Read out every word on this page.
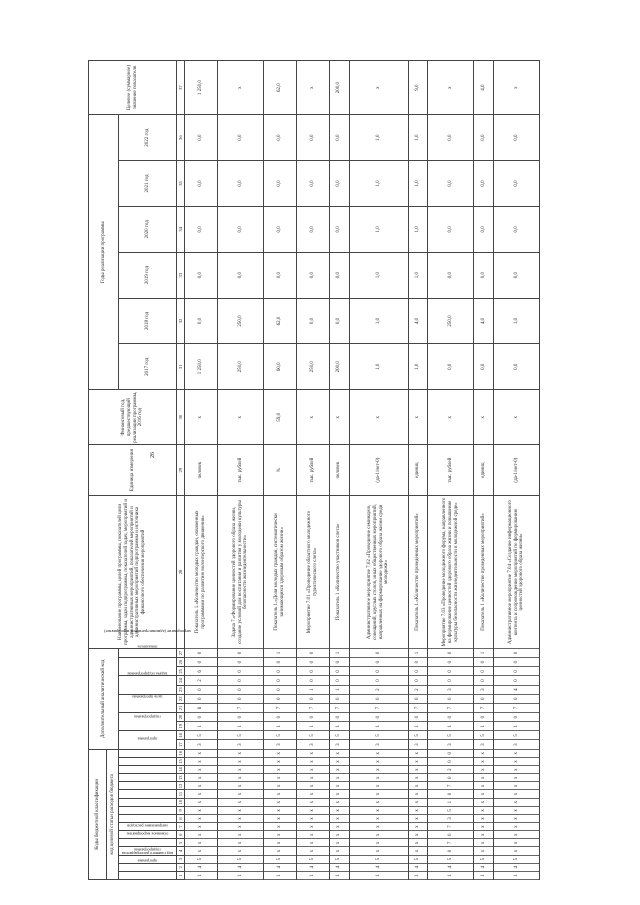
26
Коды бюджетной классификации																Дополнительный аналитический код											Наименование программы, целей программы, показателей цели программы, задач подпрограммы, показателей задач, мероприятий и административных мероприятий, показателей мероприятий и административных мероприятий подпрограммы и источника финансового обеспечения мероприятий	Единица измерения	Финансовый год, предшествующий реализации программы, 2016 год	Годы реализации программы						Целевое (суммарное) значение показателя
код целевой статьи расходов бюджета																																				
код главного распорядителя	программа	подпрограмма	основное мероприятие	направление расходов												программа		подпрограмма		цель программы		задача подпрограммы		мероприятие (административное мероприятие)		показатель				2017 год	2018 год	2019 год	2020 год	2021 год	2022 год	
1	2	3	4	5	6	7	8	9	10	11	12	13	14	15	16	17	18	19	20	21	22	23	24	25	26	27	28	29	30	31	32	33	34	35	36	37
1	4	5	x	x	x	x	x	x	x	x	x	x	x	x	x	3	5	1	0	6	0	0	2	6	0	0	Показатель 1.«Количество молодых граждан, охваченных программами по развитию волонтерского движения»	человек	x	1 250,0	0,0	0,0	0,0	0,0	0,0	1 250,0
1	4	5	x	x	x	x	x	x	x	x	x	x	x	x	x	3	5	1	0	7	0	0	0	0	0	0	Задача 7.«Формирование ценностей здорового образа жизни, создание условий для воспитания и развития у молодежи культуры безопасности жизнедеятельности»	тыс. рублей	x	250,0	250,0	0,0	0,0	0,0	0,0	x
1	4	5	x	x	x	x	x	x	x	x	x	x	x	x	x	3	5	1	0	7	0	0	0	0	0	1	Показатель 1.«Доля молодых граждан, систематически занимающихся здоровым образом жизни»	%	59,0	60,0	62,0	0,0	0,0	0,0	0,0	62,0
1	4	5	x	x	x	x	x	x	x	x	x	x	x	x	x	3	5	1	0	7	0	1	0	0	0	0	Мероприятие 7.01 «Проведение областного молодежного туристического слета»	тыс. рублей	x	250,0	0,0	0,0	0,0	0,0	0,0	x
1	4	5	x	x	x	x	x	x	x	x	x	x	x	x	x	3	5	1	0	7	0	1	0	0	0	1	Показатель 1 «Количество участников слета»	человек	x	200,0	0,0	0,0	0,0	0,0	0,0	200,0
1	4	5	x	x	x	x	x	x	x	x	x	x	x	x	x	3	5	1	0	7	0	2	0	0	0	0	Административное мероприятие 7.02 «Проведение семинаров, совещаний, круглых столов, иных общественных мероприятий, направленных на формирование здорового образа жизни среди молодежи»	(да-1/нет-0)	x	1,0	1,0	1,0	1,0	1,0	1,0	x
1	4	5	x	x	x	x	x	x	x	x	x	x	x	x	x	3	5	1	0	7	0	2	0	0	0	1	Показатель 1.«Количество проведенных мероприятий»	единиц	x	1,0	4,0	1,0	1,0	1,0	1,0	9,0
1	4	5	0	7	0	7	3	5	1	0	7	0	2	0	0	3	5	1	0	7	0	3	0	0	0	0	Мероприятие 7.03 «Проведение молодежного форума, направленного на формирование ценностей здорового образа жизни и повышение культуры безопасности жизнедеятельности в молодежной среде»	тыс. рублей	x	0,0	250,0	0,0	0,0	0,0	0,0	x
1	4	5	x	x	x	x	x	x	x	x	x	x	x	x	x	3	5	1	0	7	0	3	0	0	0	1	Показатель 1 «Количество проведенных мероприятий»	единиц	x	0,0	4,0	0,0	0,0	0,0	0,0	4,0
1	4	5	x	x	x	x	x	x	x	x	x	x	x	x	x	3	5	1	0	7	0	4	0	0	0	0	Административное мероприятие 7.04 «Создание информационного контента и сопровождение мероприятий по формированию ценностей здорового образа жизни»	(да-1/нет-0)	x	0,0	1,0	0,0	0,0	0,0	0,0	x
